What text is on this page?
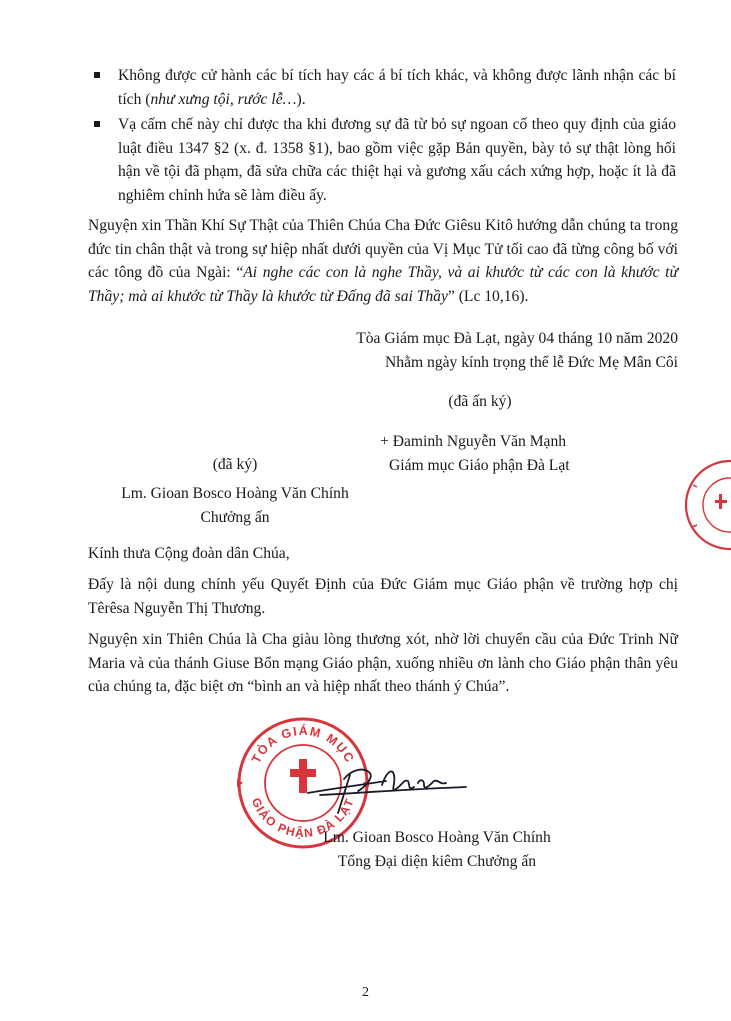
Không được cử hành các bí tích hay các á bí tích khác, và không được lãnh nhận các bí tích (như xưng tội, rước lễ…).
Vạ cấm chế này chỉ được tha khi đương sự đã từ bỏ sự ngoan cố theo quy định của giáo luật điều 1347 §2 (x. đ. 1358 §1), bao gồm việc gặp Bản quyền, bày tỏ sự thật lòng hối hận về tội đã phạm, đã sửa chữa các thiệt hại và gương xấu cách xứng hợp, hoặc ít là đã nghiêm chỉnh hứa sẽ làm điều ấy.
Nguyện xin Thần Khí Sự Thật của Thiên Chúa Cha Đức Giêsu Kitô hướng dẫn chúng ta trong đức tin chân thật và trong sự hiệp nhất dưới quyền của Vị Mục Tử tối cao đã từng công bố với các tông đồ của Ngài: “Ai nghe các con là nghe Thầy, và ai khước từ các con là khước từ Thầy; mà ai khước từ Thầy là khước từ Đấng đã sai Thầy” (Lc 10,16).
Tòa Giám mục Đà Lạt, ngày 04 tháng 10 năm 2020
Nhằm ngày kính trọng thể lễ Đức Mẹ Mân Côi
(đã ấn ký)
+ Đaminh Nguyễn Văn Mạnh
Giám mục Giáo phận Đà Lạt
(đã ký)
Lm. Gioan Bosco Hoàng Văn Chính
Chưởng ấn
Kính thưa Cộng đoàn dân Chúa,
Đấy là nội dung chính yếu Quyết Định của Đức Giám mục Giáo phận về trường hợp chị Têrêsa Nguyễn Thị Thương.
Nguyện xin Thiên Chúa là Cha giàu lòng thương xót, nhờ lời chuyển cầu của Đức Trinh Nữ Maria và của thánh Giuse Bổn mạng Giáo phận, xuống nhiều ơn lành cho Giáo phận thân yêu của chúng ta, đặc biệt ơn “bình an và hiệp nhất theo thánh ý Chúa”.
TÒA GIÁM MỤC
GIÁO PHẬN ĐÀ LẠT
Lm. Gioan Bosco Hoàng Văn Chính
Tổng Đại diện kiêm Chưởng ấn
2
